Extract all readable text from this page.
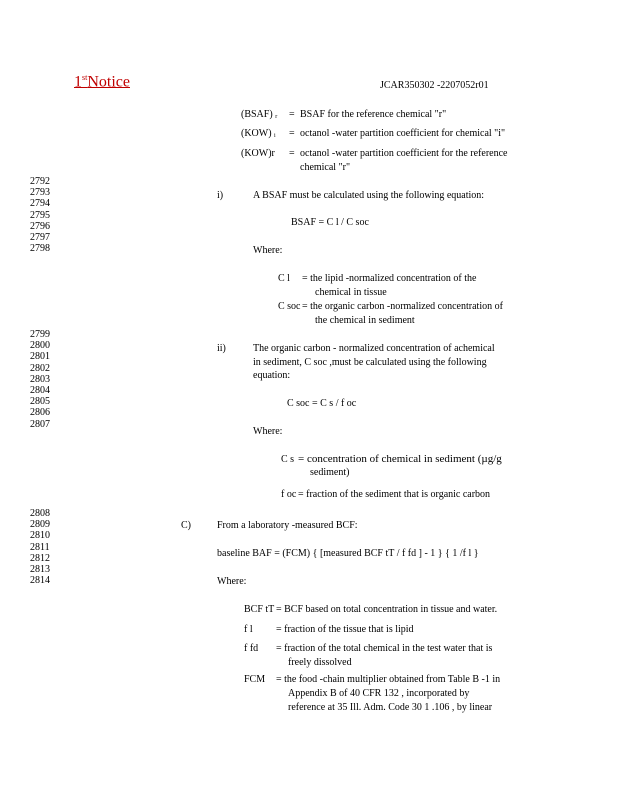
1stNotice	JCAR350302 -2207052r01
(BSAF) r = BSAF for the reference chemical "r"
(KOW) i = octanol -water partition coefficient for chemical "i"
(KOW)r = octanol -water partition coefficient for the reference
chemical "r"
2792
2793
2794
2795
2796
2797
2798
i)	A BSAF must be calculated using the following equation:
BSAF = C l / C soc
Where:
C l = the lipid -normalized concentration of the
chemical in tissue
C soc = the organic carbon -normalized concentration of
the chemical in sediment
2799
2800
2801
2802
2803
2804
2805
2806
2807
ii)	The organic carbon - normalized concentration of achemical
in sediment, C soc ,must be calculated using the following
equation:
C soc = C s / f oc
Where:
C s = concentration of chemical in sediment (µg/g
sediment)
f oc = fraction of the sediment that is organic carbon
2808
2809
2810
2811
2812
2813
2814
C)	From a laboratory -measured BCF:
baseline BAF = (FCM) { [measured BCF tT / f fd ] - 1 } { 1 /f l }
Where:
BCF tT = BCF based on total concentration in tissue and water.
f l = fraction of the tissue that is lipid
f fd = fraction of the total chemical in the test water that is
freely dissolved
FCM = the food -chain multiplier obtained from Table B -1 in
Appendix B of 40 CFR 132 , incorporated by
reference at 35 Ill. Adm. Code 30 1 .106 , by linear
